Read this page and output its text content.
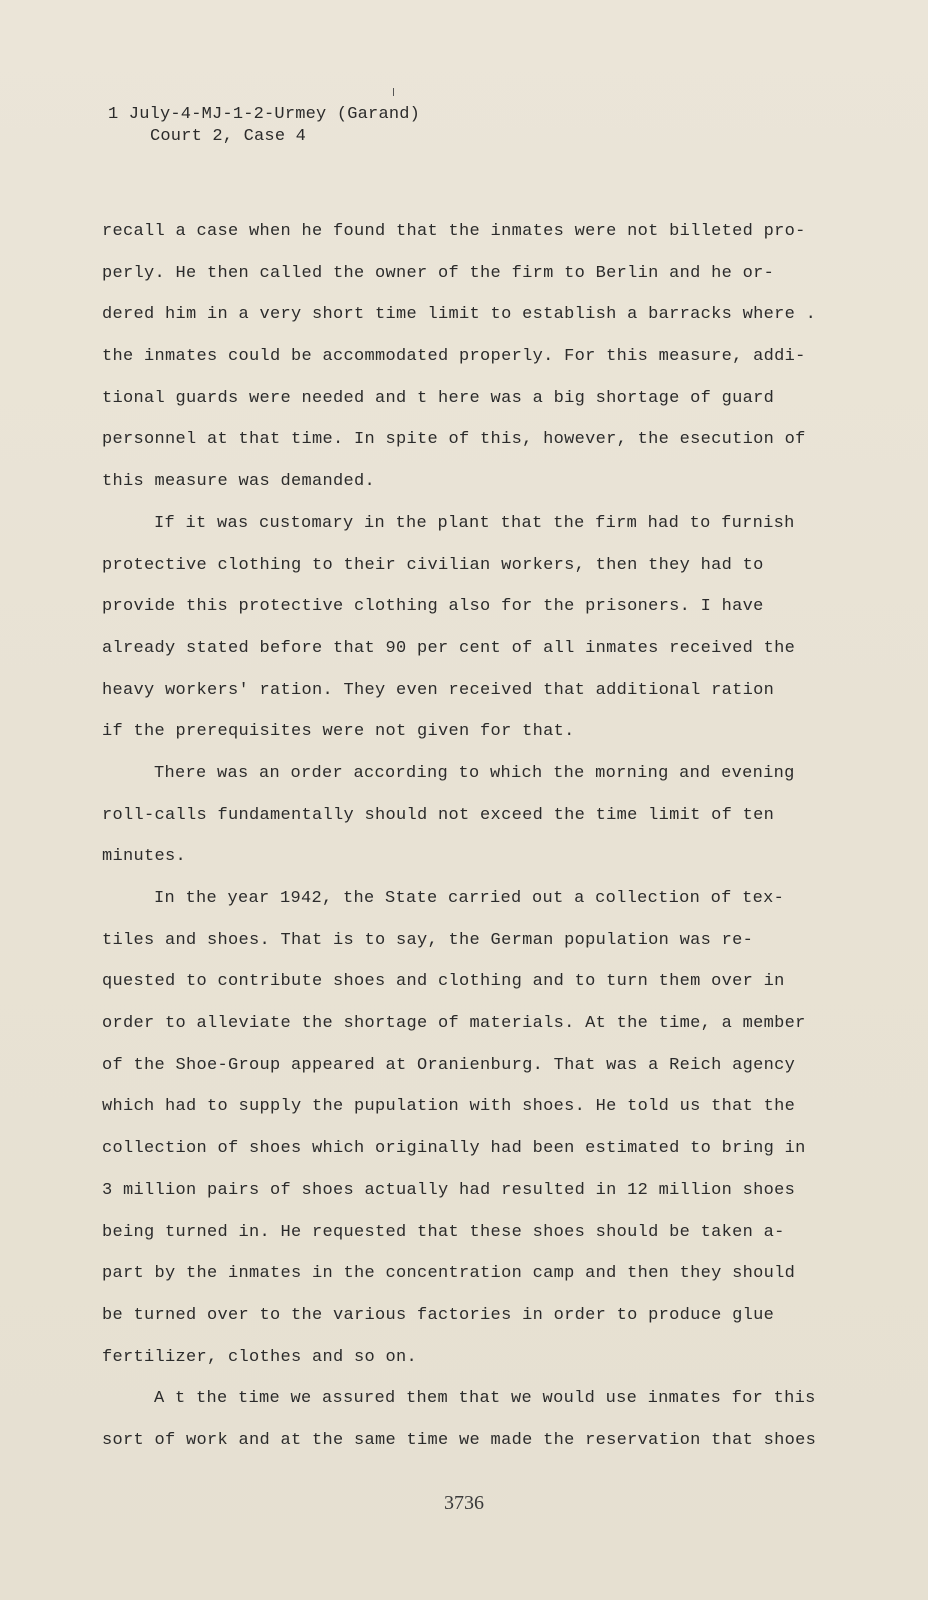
1 July-4-MJ-1-2-Urmey (Garand)
Court 2, Case 4
recall a case when he found that the inmates were not billeted pro-
perly. He then called the owner of the firm to Berlin and he or-
dered him in a very short time limit to establish a barracks where .
the inmates could be accommodated properly. For this measure, addi-
tional guards were needed and t here was a big shortage of guard
personnel at that time. In spite of this, however, the esecution of
this measure was demanded.
If it was customary in the plant that the firm had to furnish
protective clothing to their civilian workers, then they had to
provide this protective clothing also for the prisoners. I have
already stated before that 90 per cent of all inmates received the
heavy workers' ration. They even received that additional ration
if the prerequisites were not given for that.
There was an order according to which the morning and evening
roll-calls fundamentally should not exceed the time limit of ten
minutes.
In the year 1942, the State carried out a collection of tex-
tiles and shoes. That is to say, the German population was re-
quested to contribute shoes and clothing and to turn them over in
order to alleviate the shortage of materials. At the time, a member
of the Shoe-Group appeared at Oranienburg. That was a Reich agency
which had to supply the pupulation with shoes. He told us that the
collection of shoes which originally had been estimated to bring in
3 million pairs of shoes actually had resulted in 12 million shoes
being turned in. He requested that these shoes should be taken a-
part by the inmates in the concentration camp and then they should
be turned over to the various factories in order to produce glue
fertilizer, clothes and so on.
A t the time we assured them that we would use inmates for this
sort of work and at the same time we made the reservation that shoes
3736
